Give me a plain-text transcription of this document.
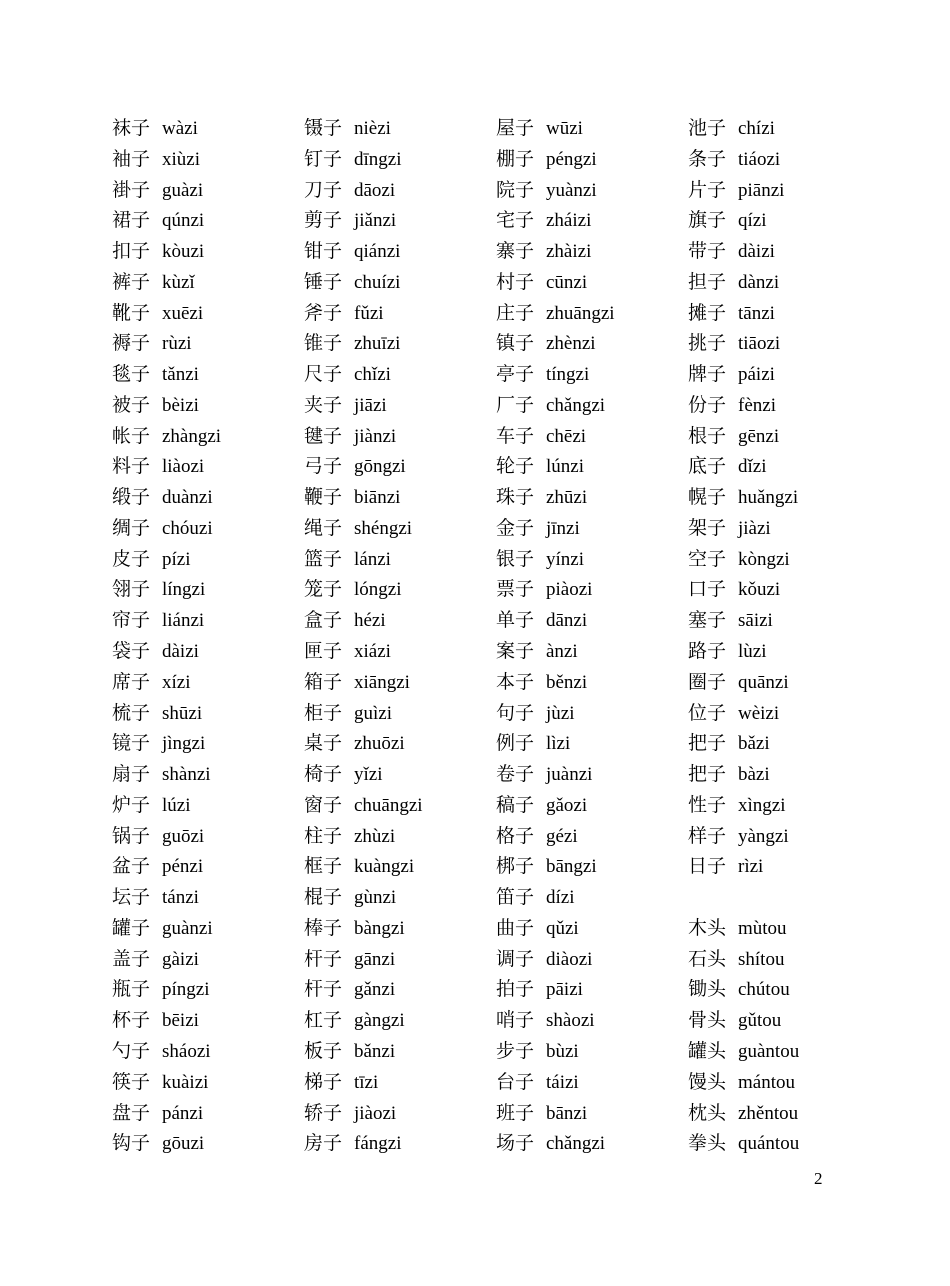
袜子 wàzi
袖子 xiùzi
褂子 guàzi
裙子 qúnzi
扣子 kòuzi
裤子 kùzǐ
靴子 xuēzi
褥子 rùzi
毯子 tǎnzi
被子 bèizi
帐子 zhàngzi
料子 liàozi
缎子 duànzi
绸子 chóuzi
皮子 pízi
翎子 língzi
帘子 liánzi
袋子 dàizi
席子 xízi
梳子 shūzi
镜子 jìngzi
扇子 shànzi
炉子 lúzi
锅子 guōzi
盆子 pénzi
坛子 tánzi
罐子 guànzi
盖子 gàizi
瓶子 píngzi
杯子 bēizi
勺子 sháozi
筷子 kuàizi
盘子 pánzi
钩子 gōuzi
镊子 nièzi
钉子 dīngzi
刀子 dāozi
剪子 jiǎnzi
钳子 qiánzi
锤子 chuízi
斧子 fǔzi
锥子 zhuīzi
尺子 chǐzi
夹子 jiāzi
毽子 jiànzi
弓子 gōngzi
鞭子 biānzi
绳子 shéngzi
篮子 lánzi
笼子 lóngzi
盒子 hézi
匣子 xiázi
箱子 xiāngzi
柜子 guìzi
桌子 zhuōzi
椅子 yǐzi
窗子 chuāngzi
柱子 zhùzi
框子 kuàngzi
棍子 gùnzi
棒子 bàngzi
杆子 gānzi
杆子 gǎnzi
杠子 gàngzi
板子 bǎnzi
梯子 tīzi
轿子 jiàozi
房子 fángzi
屋子 wūzi
棚子 péngzi
院子 yuànzi
宅子 zháizi
寨子 zhàizi
村子 cūnzi
庄子 zhuāngzi
镇子 zhènzi
亭子 tíngzi
厂子 chǎngzi
车子 chēzi
轮子 lúnzi
珠子 zhūzi
金子 jīnzi
银子 yínzi
票子 piàozi
单子 dānzi
案子 ànzi
本子 běnzi
句子 jùzi
例子 lìzi
卷子 juànzi
稿子 gǎozi
格子 gézi
梆子 bāngzi
笛子 dízi
曲子 qǔzi
调子 diàozi
拍子 pāizi
哨子 shàozi
步子 bùzi
台子 táizi
班子 bānzi
场子 chǎngzi
池子 chízi
条子 tiáozi
片子 piānzi
旗子 qízi
带子 dàizi
担子 dànzi
摊子 tānzi
挑子 tiāozi
牌子 páizi
份子 fènzi
根子 gēnzi
底子 dǐzi
幌子 huǎngzi
架子 jiàzi
空子 kòngzi
口子 kǒuzi
塞子 sāizi
路子 lùzi
圈子 quānzi
位子 wèizi
把子 bǎzi
把子 bàzi
性子 xìngzi
样子 yàngzi
日子 rìzi
木头 mùtou
石头 shítou
锄头 chútou
骨头 gǔtou
罐头 guàntou
馒头 mántou
枕头 zhěntou
拳头 quántou
2
